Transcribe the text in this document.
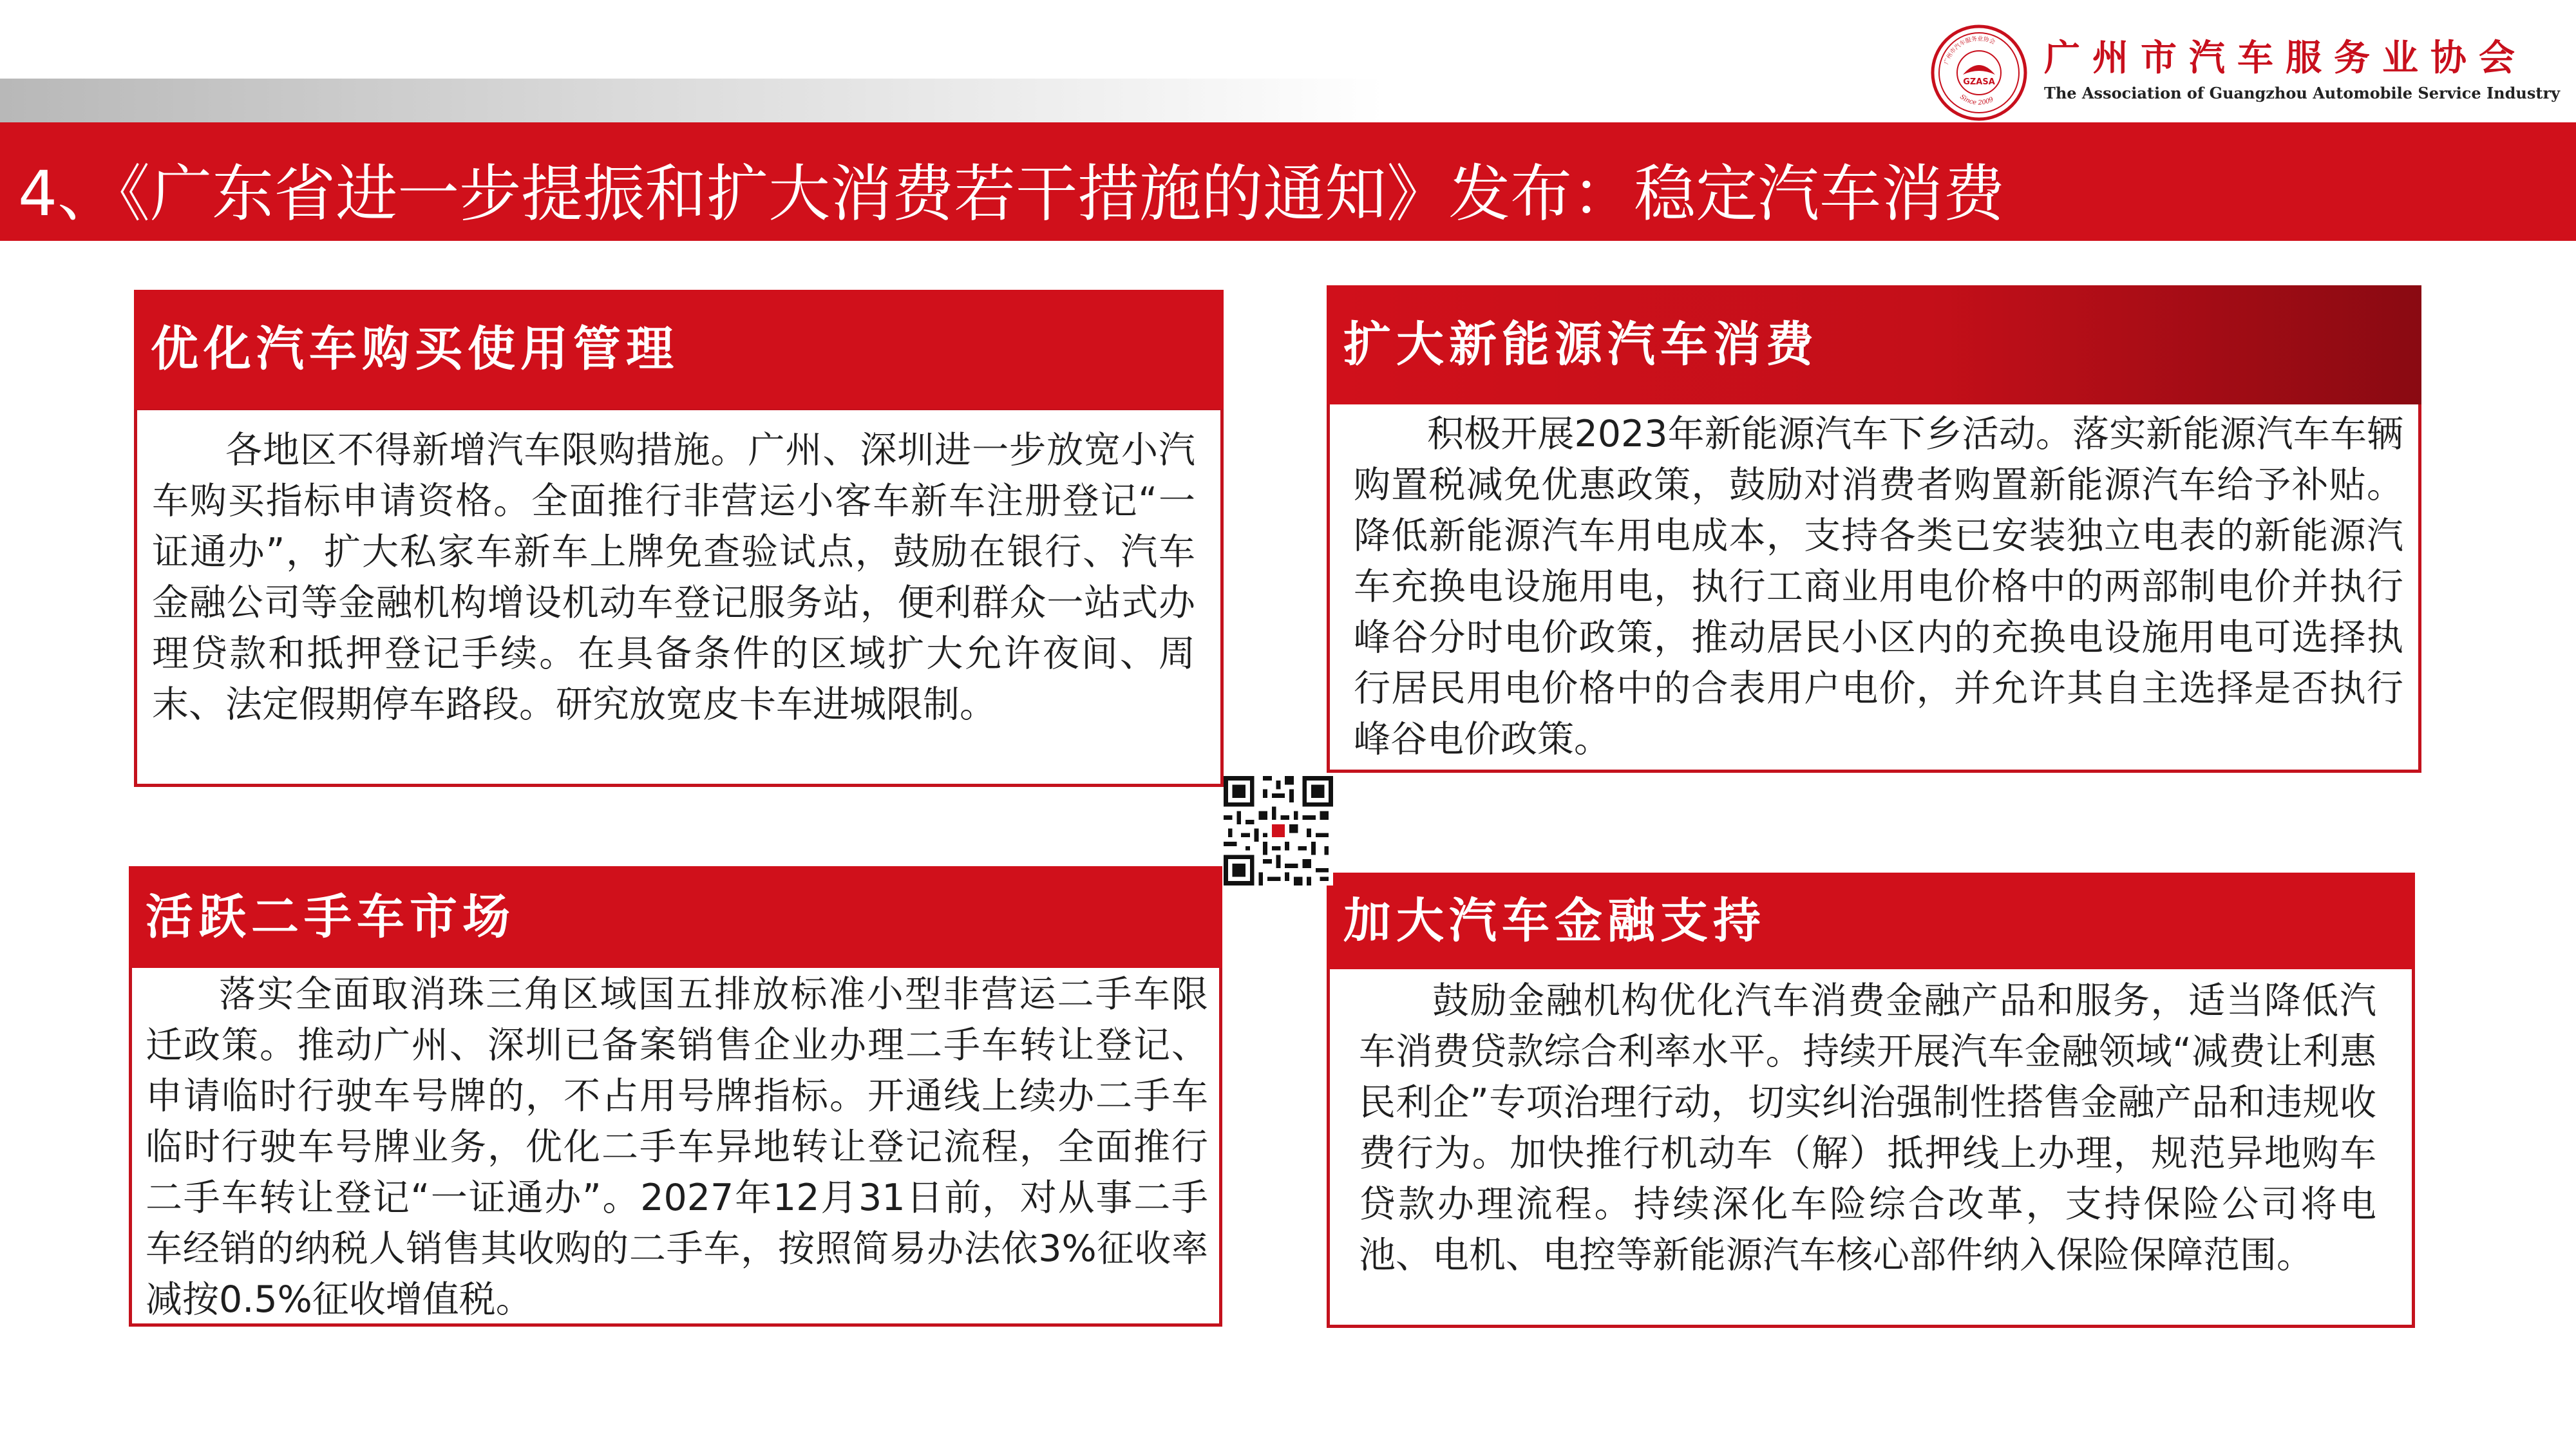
4、《广东省进一步提振和扩大消费若干措施的通知》发布：稳定汽车消费
广州市汽车服务业协会
GZASA
Since 2009
广州市汽车服务业协会
The Association of Guangzhou Automobile Service Industry
优化汽车购买使用管理
各地区不得新增汽车限购措施。广州、深圳进一步放宽小汽车购买指标申请资格。全面推行非营运小客车新车注册登记“一证通办”，扩大私家车新车上牌免查验试点，鼓励在银行、汽车金融公司等金融机构增设机动车登记服务站，便利群众一站式办理贷款和抵押登记手续。在具备条件的区域扩大允许夜间、周末、法定假期停车路段。研究放宽皮卡车进城限制。
扩大新能源汽车消费
积极开展2023年新能源汽车下乡活动。落实新能源汽车车辆购置税减免优惠政策，鼓励对消费者购置新能源汽车给予补贴。降低新能源汽车用电成本，支持各类已安装独立电表的新能源汽车充换电设施用电，执行工商业用电价格中的两部制电价并执行峰谷分时电价政策，推动居民小区内的充换电设施用电可选择执行居民用电价格中的合表用户电价，并允许其自主选择是否执行峰谷电价政策。
活跃二手车市场
落实全面取消珠三角区域国五排放标准小型非营运二手车限迁政策。推动广州、深圳已备案销售企业办理二手车转让登记、申请临时行驶车号牌的，不占用号牌指标。开通线上续办二手车临时行驶车号牌业务，优化二手车异地转让登记流程，全面推行二手车转让登记“一证通办”。2027年12月31日前，对从事二手车经销的纳税人销售其收购的二手车，按照简易办法依3%征收率减按0.5%征收增值税。
加大汽车金融支持
鼓励金融机构优化汽车消费金融产品和服务，适当降低汽车消费贷款综合利率水平。持续开展汽车金融领域“减费让利惠民利企”专项治理行动，切实纠治强制性搭售金融产品和违规收费行为。加快推行机动车（解）抵押线上办理，规范异地购车贷款办理流程。持续深化车险综合改革，支持保险公司将电池、电机、电控等新能源汽车核心部件纳入保险保障范围。
